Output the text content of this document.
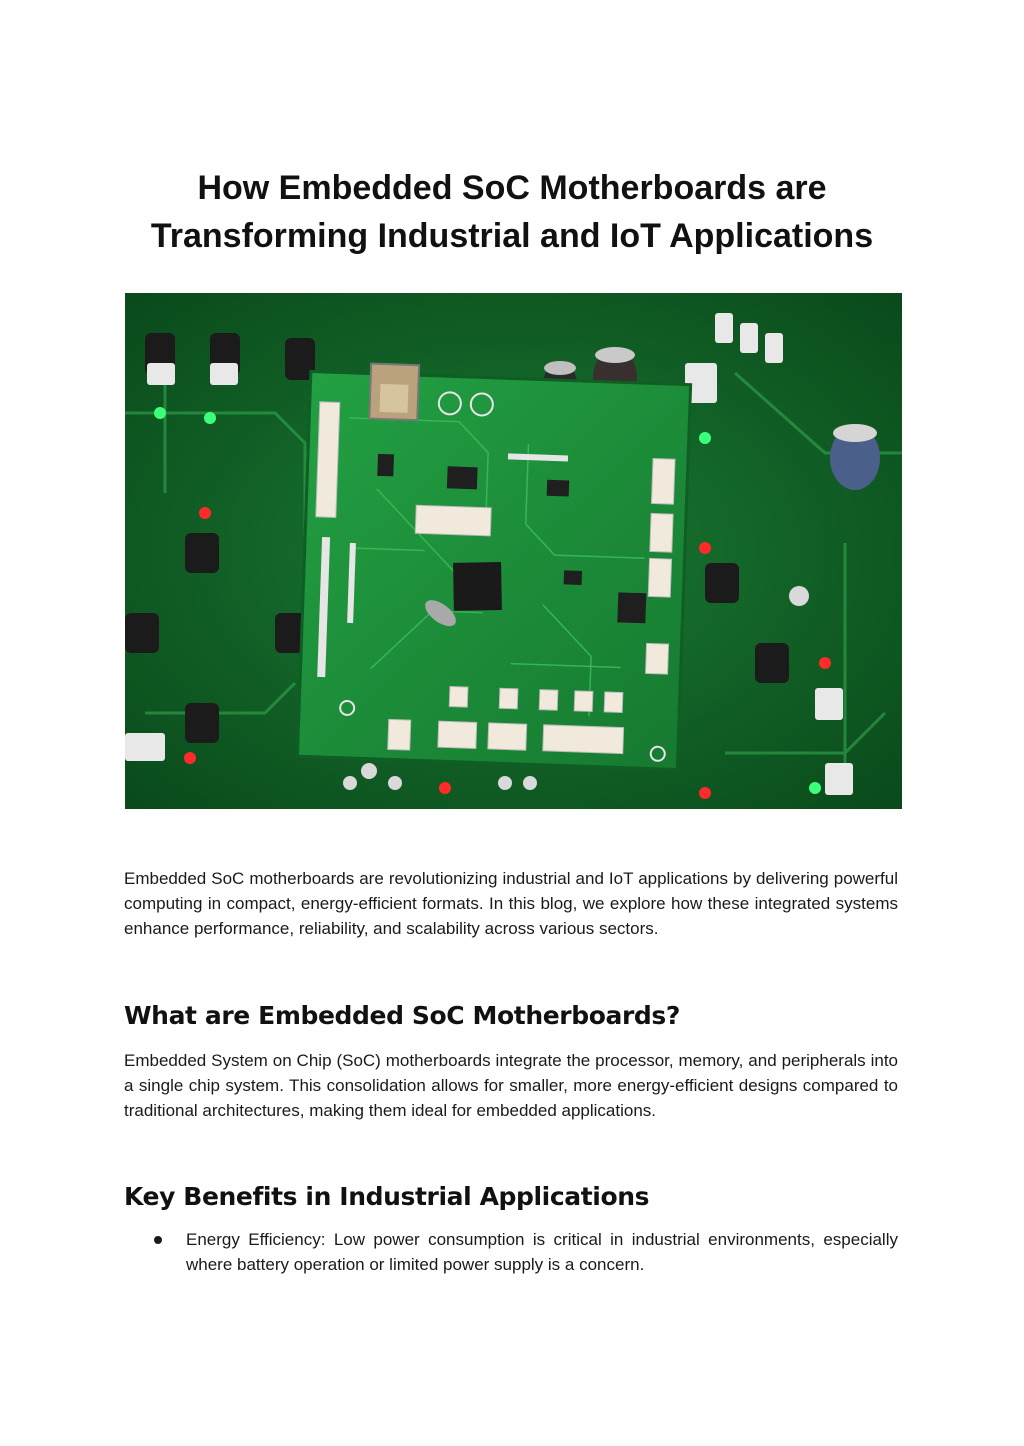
How Embedded SoC Motherboards are
Transforming Industrial and IoT Applications

Embedded SoC motherboards are revolutionizing industrial and IoT applications by delivering powerful computing in compact, energy-efficient formats. In this blog, we explore how these integrated systems enhance performance, reliability, and scalability across various sectors.

What are Embedded SoC Motherboards?

Embedded System on Chip (SoC) motherboards integrate the processor, memory, and peripherals into a single chip system. This consolidation allows for smaller, more energy-efficient designs compared to traditional architectures, making them ideal for embedded applications.

Key Benefits in Industrial Applications
Energy Efficiency: Low power consumption is critical in industrial environments, especially where battery operation or limited power supply is a concern.
